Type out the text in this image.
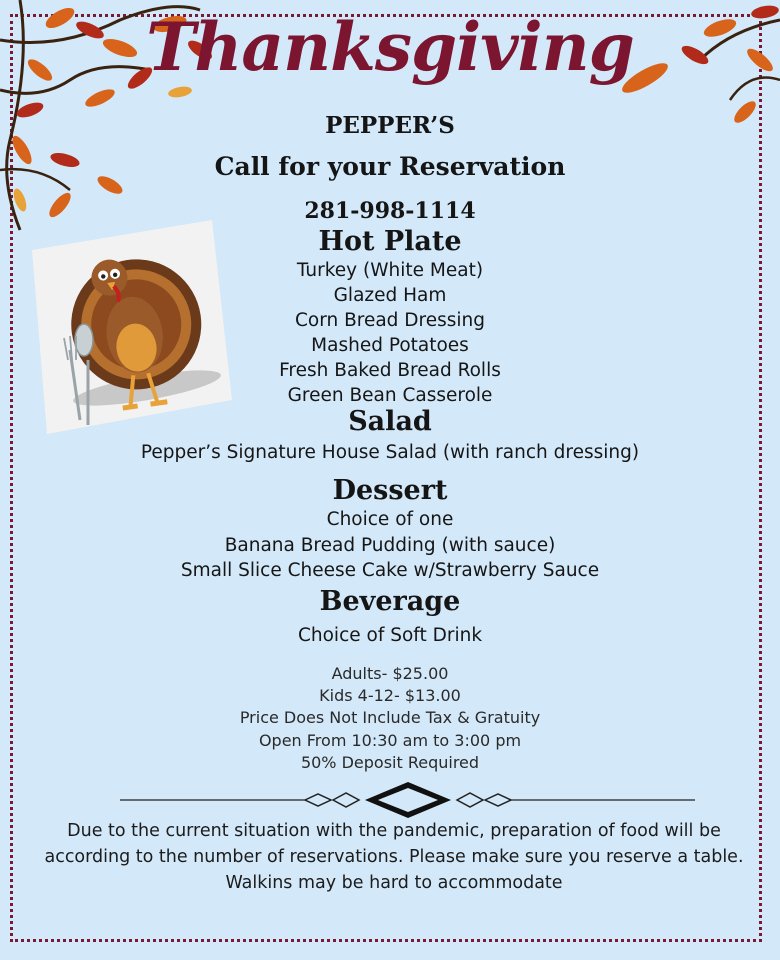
Thanksgiving
PEPPER’S
Call for your Reservation
281-998-1114
Hot Plate
Turkey (White Meat)
Glazed Ham
Corn Bread Dressing
Mashed Potatoes
Fresh Baked Bread Rolls
Green Bean Casserole
Salad
Pepper’s Signature House Salad (with ranch dressing)
Dessert
Choice of one
Banana Bread Pudding (with sauce)
Small Slice Cheese Cake w/Strawberry Sauce
Beverage
Choice of Soft Drink
Adults- $25.00
Kids 4-12- $13.00
Price Does Not Include Tax & Gratuity
Open From 10:30 am to 3:00 pm
50% Deposit Required
Due to the current situation with the pandemic, preparation of food will be according to the number of reservations. Please make sure you reserve a table. Walkins may be hard to accommodate
